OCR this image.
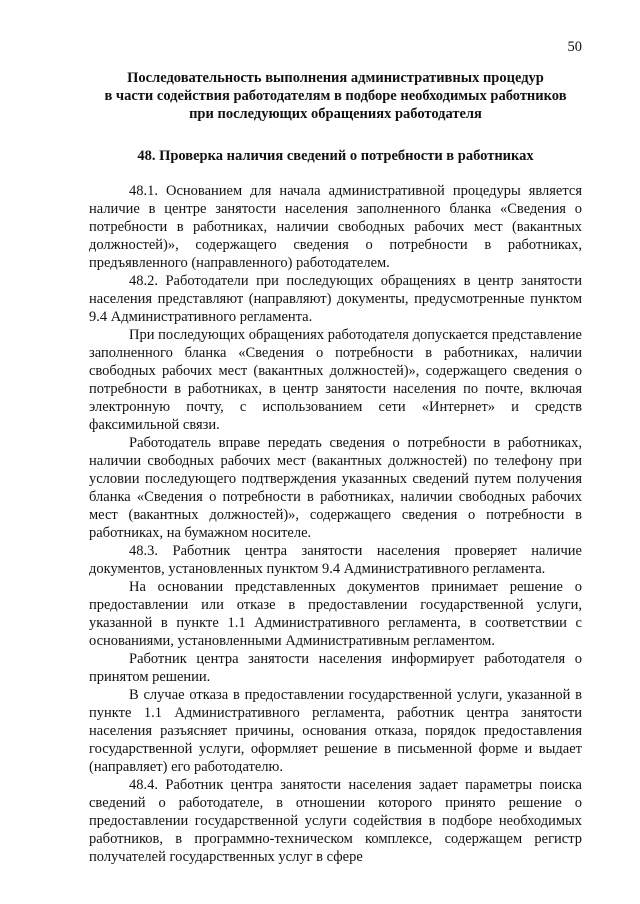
50

Последовательность выполнения административных процедур

в части содействия работодателям в подборе необходимых работников

при последующих обращениях работодателя

48. Проверка наличия сведений о потребности в работниках

48.1. Основанием для начала административной процедуры является наличие в центре занятости населения заполненного бланка «Сведения о потребности в работниках, наличии свободных рабочих мест (вакантных должностей)», содержащего сведения о потребности в работниках, предъявленного (направленного) работодателем.

48.2. Работодатели при последующих обращениях в центр занятости населения представляют (направляют) документы, предусмотренные пунктом 9.4 Административного регламента.

При последующих обращениях работодателя допускается представление заполненного бланка «Сведения о потребности в работниках, наличии свободных рабочих мест (вакантных должностей)», содержащего сведения о потребности в работниках, в центр занятости населения по почте, включая электронную почту, с использованием сети «Интернет» и средств факсимильной связи.

Работодатель вправе передать сведения о потребности в работниках, наличии свободных рабочих мест (вакантных должностей) по телефону при условии последующего подтверждения указанных сведений путем получения бланка «Сведения о потребности в работниках, наличии свободных рабочих мест (вакантных должностей)», содержащего сведения о потребности в работниках, на бумажном носителе.

48.3. Работник центра занятости населения проверяет наличие документов, установленных пунктом 9.4 Административного регламента.

На основании представленных документов принимает решение о предоставлении или отказе в предоставлении государственной услуги, указанной в пункте 1.1 Административного регламента, в соответствии с основаниями, установленными Административным регламентом.

Работник центра занятости населения информирует работодателя о принятом решении.

В случае отказа в предоставлении государственной услуги, указанной в пункте 1.1 Административного регламента, работник центра занятости населения разъясняет причины, основания отказа, порядок предоставления государственной услуги, оформляет решение в письменной форме и выдает (направляет) его работодателю.

48.4. Работник центра занятости населения задает параметры поиска сведений о работодателе, в отношении которого принято решение о предоставлении государственной услуги содействия в подборе необходимых работников, в программно-техническом комплексе, содержащем регистр получателей государственных услуг в сфере
